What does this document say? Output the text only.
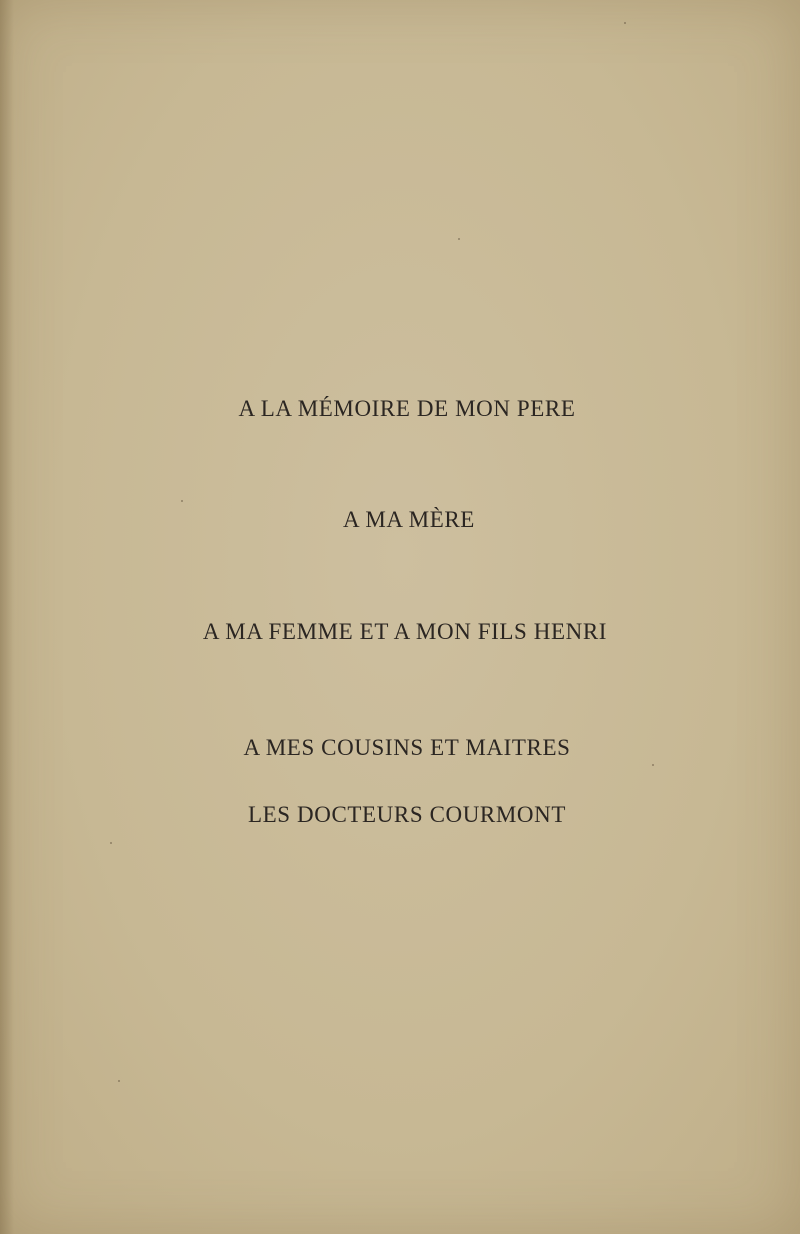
A LA MÉMOIRE DE MON PERE
A MA MÈRE
A MA FEMME ET A MON FILS HENRI
A MES COUSINS ET MAITRES
LES DOCTEURS COURMONT
